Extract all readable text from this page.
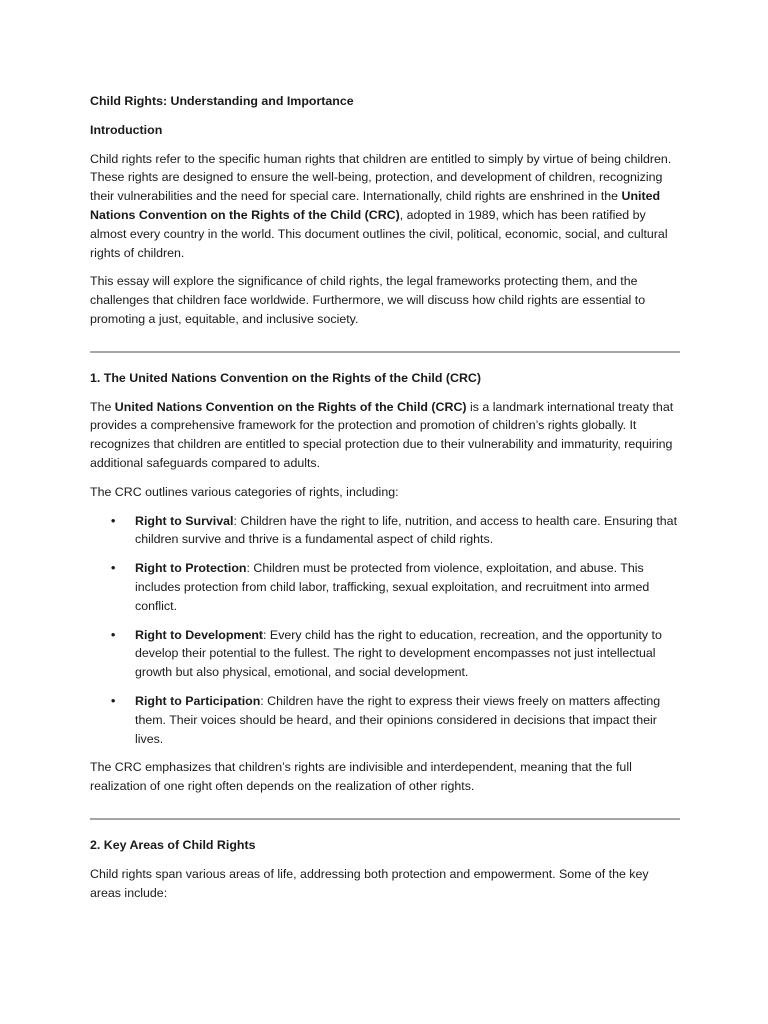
Child Rights: Understanding and Importance
Introduction

Child rights refer to the specific human rights that children are entitled to simply by virtue of being children. These rights are designed to ensure the well-being, protection, and development of children, recognizing their vulnerabilities and the need for special care. Internationally, child rights are enshrined in the United Nations Convention on the Rights of the Child (CRC), adopted in 1989, which has been ratified by almost every country in the world. This document outlines the civil, political, economic, social, and cultural rights of children.

This essay will explore the significance of child rights, the legal frameworks protecting them, and the challenges that children face worldwide. Furthermore, we will discuss how child rights are essential to promoting a just, equitable, and inclusive society.

1. The United Nations Convention on the Rights of the Child (CRC)

The United Nations Convention on the Rights of the Child (CRC) is a landmark international treaty that provides a comprehensive framework for the protection and promotion of children’s rights globally. It recognizes that children are entitled to special protection due to their vulnerability and immaturity, requiring additional safeguards compared to adults.

The CRC outlines various categories of rights, including:

• Right to Survival: Children have the right to life, nutrition, and access to health care. Ensuring that children survive and thrive is a fundamental aspect of child rights.
• Right to Protection: Children must be protected from violence, exploitation, and abuse. This includes protection from child labor, trafficking, sexual exploitation, and recruitment into armed conflict.
• Right to Development: Every child has the right to education, recreation, and the opportunity to develop their potential to the fullest. The right to development encompasses not just intellectual growth but also physical, emotional, and social development.
• Right to Participation: Children have the right to express their views freely on matters affecting them. Their voices should be heard, and their opinions considered in decisions that impact their lives.

The CRC emphasizes that children’s rights are indivisible and interdependent, meaning that the full realization of one right often depends on the realization of other rights.

2. Key Areas of Child Rights

Child rights span various areas of life, addressing both protection and empowerment. Some of the key areas include:
